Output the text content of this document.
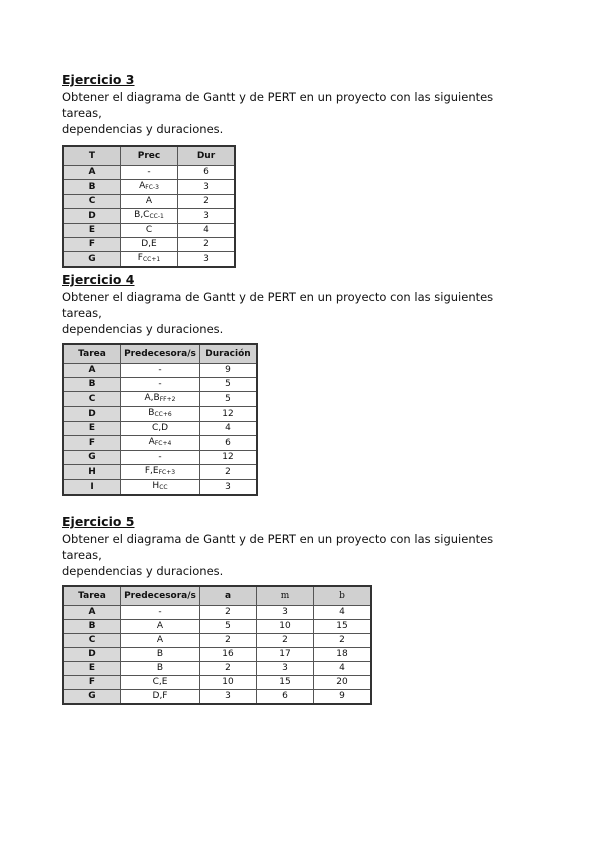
Ejercicio 3

Obtener el diagrama de Gantt y de PERT en un proyecto con las siguientes tareas,
dependencias y duraciones.

T	Prec	Dur
A	-	6
B	$A_{FC-3}$	3
C	A	2
D	$B,C_{CC-1}$	3
E	C	4
F	D,E	2
G	$F_{CC+1}$	3

Ejercicio 4

Obtener el diagrama de Gantt y de PERT en un proyecto con las siguientes tareas,
dependencias y duraciones.

Tarea	Predecesora/s	Duración
A	-	9
B	-	5
C	$A,B_{FF+2}$	5
D	$B_{CC+6}$	12
E	C,D	4
F	$A_{FC+4}$	6
G	-	12
H	$F,E_{FC+3}$	2
I	$H_{CC}$	3

Ejercicio 5

Obtener el diagrama de Gantt y de PERT en un proyecto con las siguientes tareas,
dependencias y duraciones.

Tarea	Predecesora/s	a	m	b
A	-	2	3	4
B	A	5	10	15
C	A	2	2	2
D	B	16	17	18
E	B	2	3	4
F	C,E	10	15	20
G	D,F	3	6	9
